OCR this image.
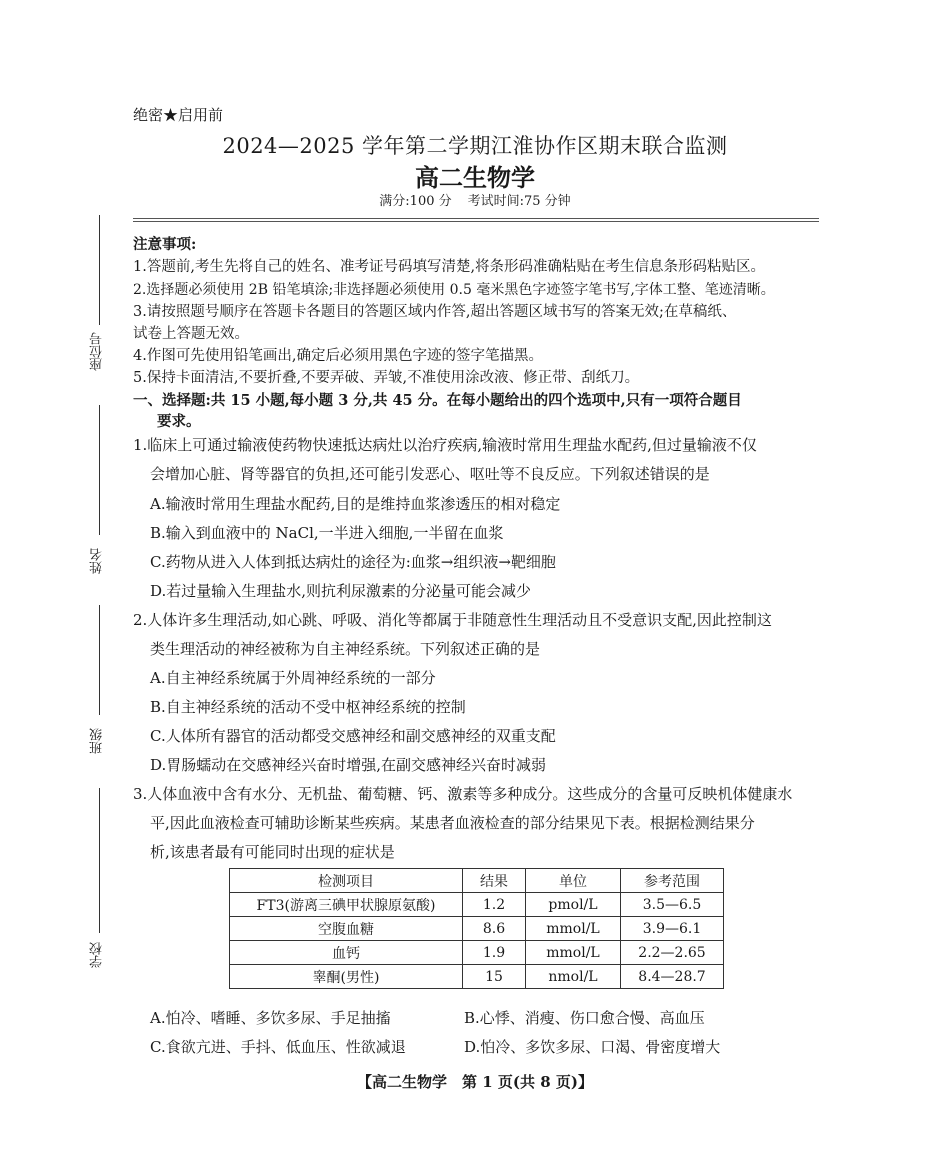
绝密★启用前
2024—2025 学年第二学期江淮协作区期末联合监测
高二生物学
满分:100 分 考试时间:75 分钟
座位号
姓名
班级
学校
注意事项:
1.答题前,考生先将自己的姓名、准考证号码填写清楚,将条形码准确粘贴在考生信息条形码粘贴区。
2.选择题必须使用 2B 铅笔填涂;非选择题必须使用 0.5 毫米黑色字迹签字笔书写,字体工整、笔迹清晰。
3.请按照题号顺序在答题卡各题目的答题区域内作答,超出答题区域书写的答案无效;在草稿纸、
试卷上答题无效。
4.作图可先使用铅笔画出,确定后必须用黑色字迹的签字笔描黑。
5.保持卡面清洁,不要折叠,不要弄破、弄皱,不准使用涂改液、修正带、刮纸刀。
一、选择题:共 15 小题,每小题 3 分,共 45 分。在每小题给出的四个选项中,只有一项符合题目
要求。
1.临床上可通过输液使药物快速抵达病灶以治疗疾病,输液时常用生理盐水配药,但过量输液不仅
会增加心脏、肾等器官的负担,还可能引发恶心、呕吐等不良反应。下列叙述错误的是
A.输液时常用生理盐水配药,目的是维持血浆渗透压的相对稳定
B.输入到血液中的 NaCl,一半进入细胞,一半留在血浆
C.药物从进入人体到抵达病灶的途径为:血浆→组织液→靶细胞
D.若过量输入生理盐水,则抗利尿激素的分泌量可能会减少
2.人体许多生理活动,如心跳、呼吸、消化等都属于非随意性生理活动且不受意识支配,因此控制这
类生理活动的神经被称为自主神经系统。下列叙述正确的是
A.自主神经系统属于外周神经系统的一部分
B.自主神经系统的活动不受中枢神经系统的控制
C.人体所有器官的活动都受交感神经和副交感神经的双重支配
D.胃肠蠕动在交感神经兴奋时增强,在副交感神经兴奋时减弱
3.人体血液中含有水分、无机盐、葡萄糖、钙、激素等多种成分。这些成分的含量可反映机体健康水
平,因此血液检查可辅助诊断某些疾病。某患者血液检查的部分结果见下表。根据检测结果分
析,该患者最有可能同时出现的症状是
检测项目	结果	单位	参考范围
FT3(游离三碘甲状腺原氨酸)	1.2	pmol/L	3.5—6.5
空腹血糖	8.6	mmol/L	3.9—6.1
血钙	1.9	mmol/L	2.2—2.65
睾酮(男性)	15	nmol/L	8.4—28.7
A.怕冷、嗜睡、多饮多尿、手足抽搐	B.心悸、消瘦、伤口愈合慢、高血压
C.食欲亢进、手抖、低血压、性欲减退	D.怕冷、多饮多尿、口渴、骨密度增大
【高二生物学　第 1 页(共 8 页)】
